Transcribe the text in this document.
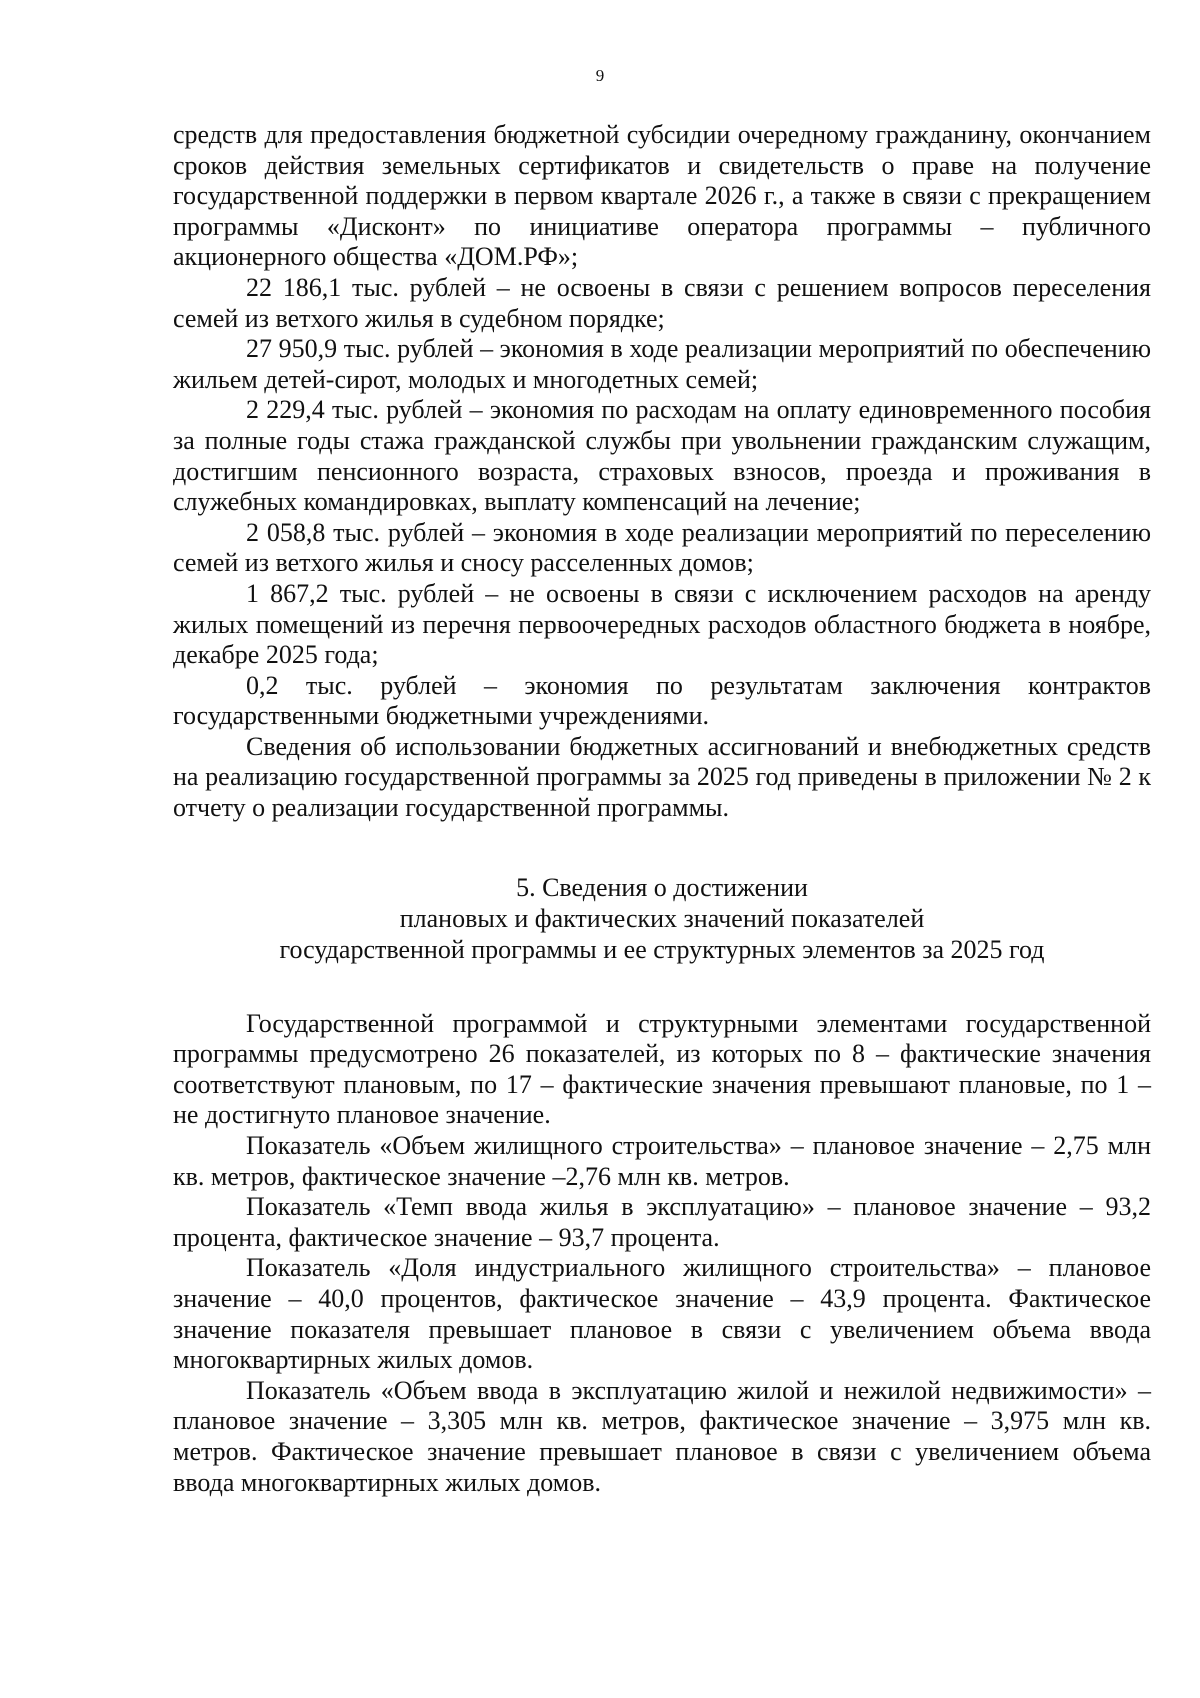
9

средств для предоставления бюджетной субсидии очередному гражданину, окончанием сроков действия земельных сертификатов и свидетельств о праве на получение государственной поддержки в первом квартале 2026 г., а также в связи с прекращением программы «Дисконт» по инициативе оператора программы – публичного акционерного общества «ДОМ.РФ»;

22 186,1 тыс. рублей – не освоены в связи с решением вопросов переселения семей из ветхого жилья в судебном порядке;

27 950,9 тыс. рублей – экономия в ходе реализации мероприятий по обеспечению жильем детей-сирот, молодых и многодетных семей;

2 229,4 тыс. рублей – экономия по расходам на оплату единовременного пособия за полные годы стажа гражданской службы при увольнении гражданским служащим, достигшим пенсионного возраста, страховых взносов, проезда и проживания в служебных командировках, выплату компенсаций на лечение;

2 058,8 тыс. рублей – экономия в ходе реализации мероприятий по переселению семей из ветхого жилья и сносу расселенных домов;

1 867,2 тыс. рублей – не освоены в связи с исключением расходов на аренду жилых помещений из перечня первоочередных расходов областного бюджета в ноябре, декабре 2025 года;

0,2 тыс. рублей – экономия по результатам заключения контрактов государственными бюджетными учреждениями.

Сведения об использовании бюджетных ассигнований и внебюджетных средств на реализацию государственной программы за 2025 год приведены в приложении № 2 к отчету о реализации государственной программы.

5. Сведения о достижении
плановых и фактических значений показателей
государственной программы и ее структурных элементов за 2025 год

Государственной программой и структурными элементами государственной программы предусмотрено 26 показателей, из которых по 8 – фактические значения соответствуют плановым, по 17 – фактические значения превышают плановые, по 1 – не достигнуто плановое значение.

Показатель «Объем жилищного строительства» – плановое значение – 2,75 млн кв. метров, фактическое значение –2,76 млн кв. метров.

Показатель «Темп ввода жилья в эксплуатацию» – плановое значение – 93,2 процента, фактическое значение – 93,7 процента.

Показатель «Доля индустриального жилищного строительства» – плановое значение – 40,0 процентов, фактическое значение – 43,9 процента. Фактическое значение показателя превышает плановое в связи с увеличением объема ввода многоквартирных жилых домов.

Показатель «Объем ввода в эксплуатацию жилой и нежилой недвижимости» – плановое значение – 3,305 млн кв. метров, фактическое значение – 3,975 млн кв. метров. Фактическое значение превышает плановое в связи с увеличением объема ввода многоквартирных жилых домов.
